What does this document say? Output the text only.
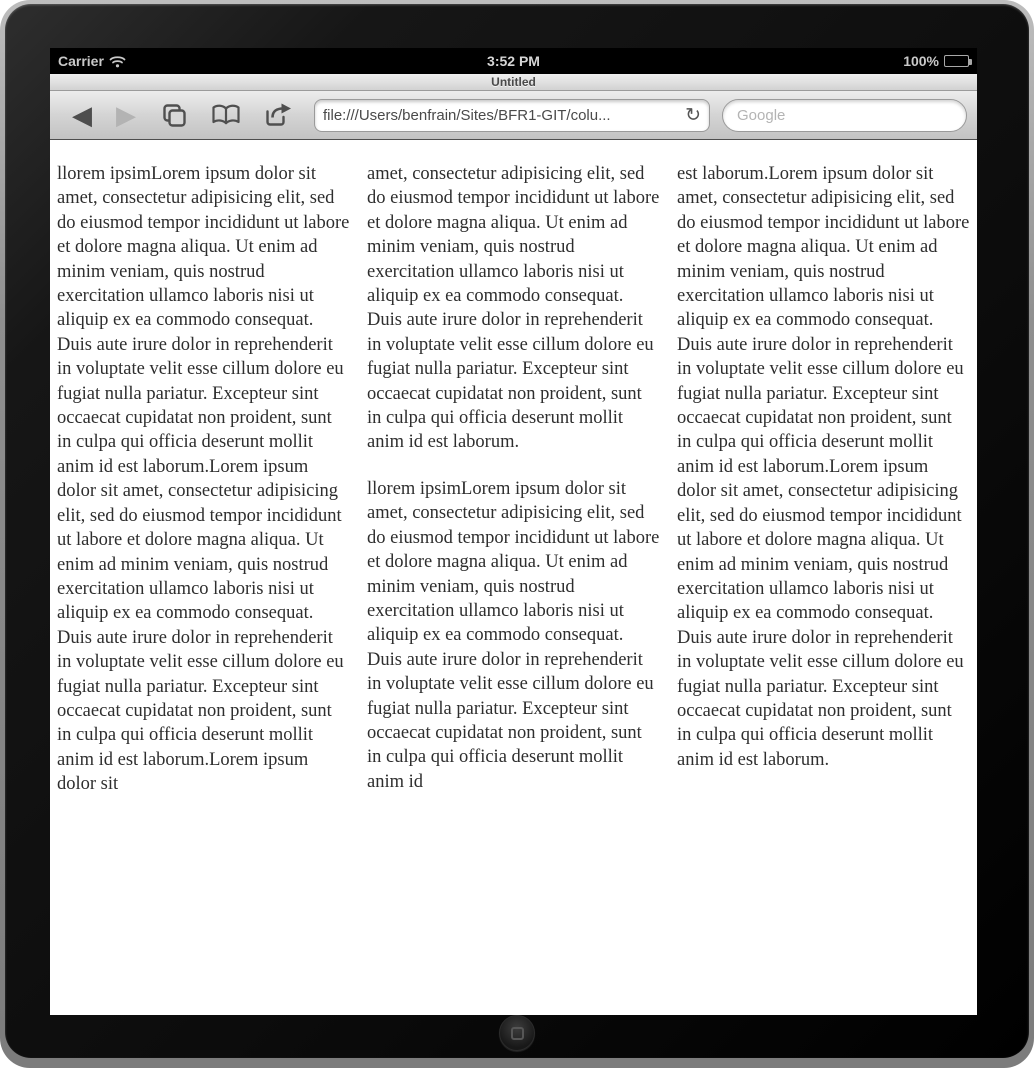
3:52 PM
Carrier	100%
Untitled
◀ ▶	file:///Users/benfrain/Sites/BFR1-GIT/colu...	↻
Google

llorem ipsimLorem ipsum dolor sit amet, consectetur adipisicing elit, sed do eiusmod tempor incididunt ut labore et dolore magna aliqua. Ut enim ad minim veniam, quis nostrud exercitation ullamco laboris nisi ut aliquip ex ea commodo consequat. Duis aute irure dolor in reprehenderit in voluptate velit esse cillum dolore eu fugiat nulla pariatur. Excepteur sint occaecat cupidatat non proident, sunt in culpa qui officia deserunt mollit anim id est laborum.Lorem ipsum dolor sit amet, consectetur adipisicing elit, sed do eiusmod tempor incididunt ut labore et dolore magna aliqua. Ut enim ad minim veniam, quis nostrud exercitation ullamco laboris nisi ut aliquip ex ea commodo consequat. Duis aute irure dolor in reprehenderit in voluptate velit esse cillum dolore eu fugiat nulla pariatur. Excepteur sint occaecat cupidatat non proident, sunt in culpa qui officia deserunt mollit anim id est laborum.Lorem ipsum dolor sit

amet, consectetur adipisicing elit, sed do eiusmod tempor incididunt ut labore et dolore magna aliqua. Ut enim ad minim veniam, quis nostrud exercitation ullamco laboris nisi ut aliquip ex ea commodo consequat. Duis aute irure dolor in reprehenderit in voluptate velit esse cillum dolore eu fugiat nulla pariatur. Excepteur sint occaecat cupidatat non proident, sunt in culpa qui officia deserunt mollit anim id est laborum.

llorem ipsimLorem ipsum dolor sit amet, consectetur adipisicing elit, sed do eiusmod tempor incididunt ut labore et dolore magna aliqua. Ut enim ad minim veniam, quis nostrud exercitation ullamco laboris nisi ut aliquip ex ea commodo consequat. Duis aute irure dolor in reprehenderit in voluptate velit esse cillum dolore eu fugiat nulla pariatur. Excepteur sint occaecat cupidatat non proident, sunt in culpa qui officia deserunt mollit anim id

est laborum.Lorem ipsum dolor sit amet, consectetur adipisicing elit, sed do eiusmod tempor incididunt ut labore et dolore magna aliqua. Ut enim ad minim veniam, quis nostrud exercitation ullamco laboris nisi ut aliquip ex ea commodo consequat. Duis aute irure dolor in reprehenderit in voluptate velit esse cillum dolore eu fugiat nulla pariatur. Excepteur sint occaecat cupidatat non proident, sunt in culpa qui officia deserunt mollit anim id est laborum.Lorem ipsum dolor sit amet, consectetur adipisicing elit, sed do eiusmod tempor incididunt ut labore et dolore magna aliqua. Ut enim ad minim veniam, quis nostrud exercitation ullamco laboris nisi ut aliquip ex ea commodo consequat. Duis aute irure dolor in reprehenderit in voluptate velit esse cillum dolore eu fugiat nulla pariatur. Excepteur sint occaecat cupidatat non proident, sunt in culpa qui officia deserunt mollit anim id est laborum.
